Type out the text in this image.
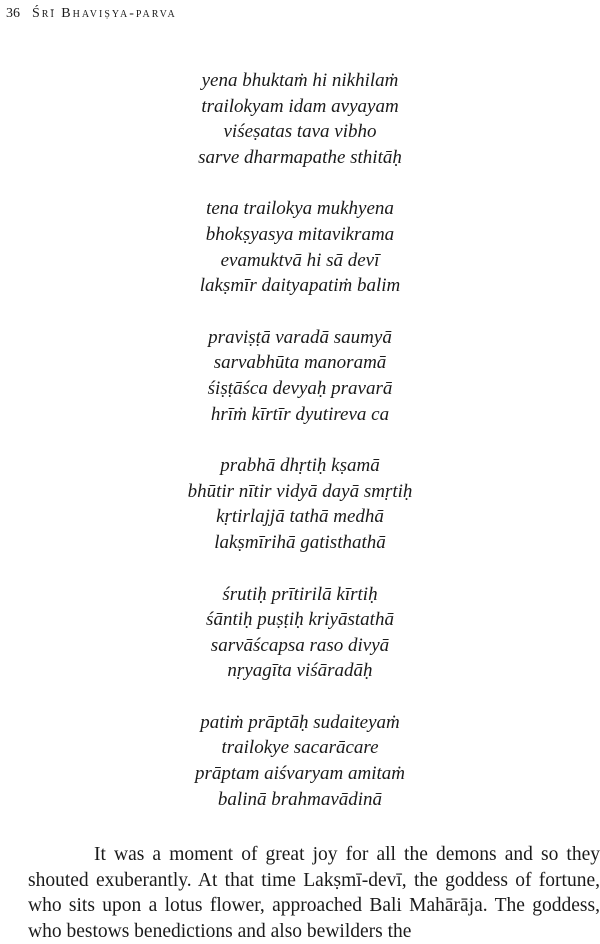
36 Śrī Bhaviṣya-parva
yena bhuktaṁ hi nikhilaṁ
trailokyam idam avyayam
viśeṣatas tava vibho
sarve dharmapathe sthitāḥ
tena trailokya mukhyena
bhokṣyasya mitavikrama
evamuktvā hi sā devī
lakṣmīr daityapatiṁ balim
praviṣṭā varadā saumyā
sarvabhūta manoramā
śiṣṭāśca devyaḥ pravarā
hrīṁ kīrtīr dyutireva ca
prabhā dhṛtiḥ kṣamā
bhūtir nītir vidyā dayā smṛtiḥ
kṛtirlajjā tathā medhā
lakṣmīrihā gatisthathā
śrutiḥ prītirilā kīrtiḥ
śāntiḥ puṣṭiḥ kriyāstathā
sarvāścapsa raso divyā
nṛyagīta viśāradāḥ
patiṁ prāptāḥ sudaiteyaṁ
trailokye sacarācare
prāptam aiśvaryam amitaṁ
balinā brahmavādinā

It was a moment of great joy for all the demons and so they shouted exuberantly. At that time Lakṣmī-devī, the goddess of fortune, who sits upon a lotus flower, approached Bali Mahārāja. The goddess, who bestows benedictions and also bewilders the
